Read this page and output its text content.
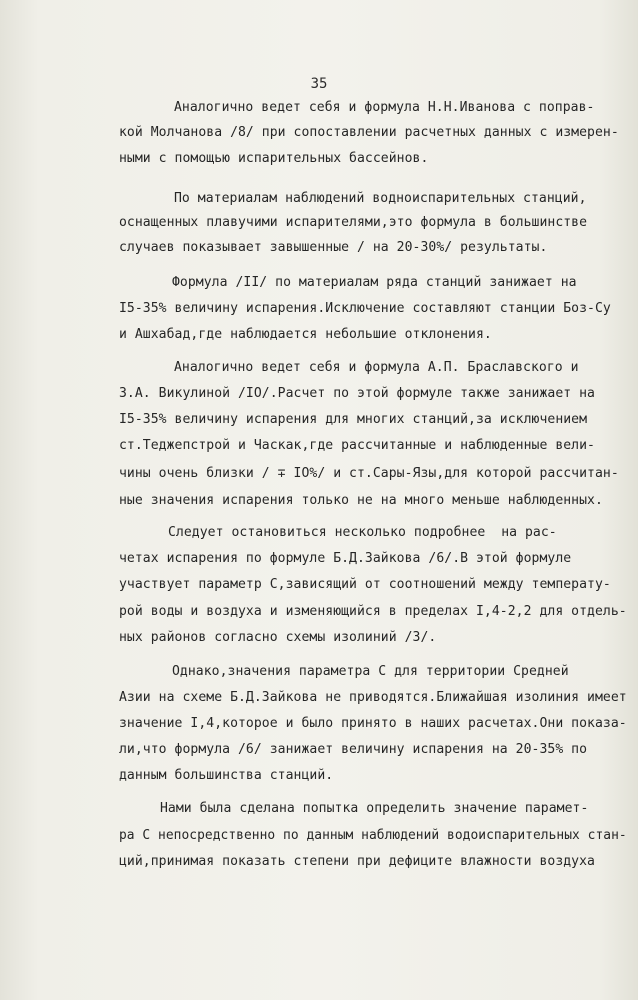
35
Аналогично ведет себя и формула Н.Н.Иванова с поправ-
кой Молчанова /8/ при сопоставлении расчетных данных с измерен-
ными с помощью испарительных бассейнов.
По материалам наблюдений водноиспарительных станций,
оснащенных плавучими испарителями,это формула в большинстве
случаев показывает завышенные / на 20-30%/ результаты.
Формула /II/ по материалам ряда станций занижает на
I5-35% величину испарения.Исключение составляют станции Боз-Су
и Ашхабад,где наблюдается небольшие отклонения.
Аналогично ведет себя и формула А.П. Браславского и
З.А. Викулиной /IO/.Расчет по этой формуле также занижает на
I5-35% величину испарения для многих станций,за исключением
ст.Теджепстрой и Часкак,где рассчитанные и наблюденные вели-
чины очень близки / ∓ IO%/ и ст.Сары-Язы,для которой рассчитан-
ные значения испарения только не на много меньше наблюденных.
Следует остановиться несколько подробнее  на рас-
четах испарения по формуле Б.Д.Зайкова /6/.В этой формуле
участвует параметр С,зависящий от соотношений между температу-
рой воды и воздуха и изменяющийся в пределах I,4-2,2 для отдель-
ных районов согласно схемы изолиний /3/.
Однако,значения параметра С для территории Средней
Азии на схеме Б.Д.Зайкова не приводятся.Ближайшая изолиния имеет
значение I,4,которое и было принято в наших расчетах.Они показа-
ли,что формула /6/ занижает величину испарения на 20-35% по
данным большинства станций.
Нами была сделана попытка определить значение парамет-
ра С непосредственно по данным наблюдений водоиспарительных стан-
ций,принимая показать степени при дефиците влажности воздуха
